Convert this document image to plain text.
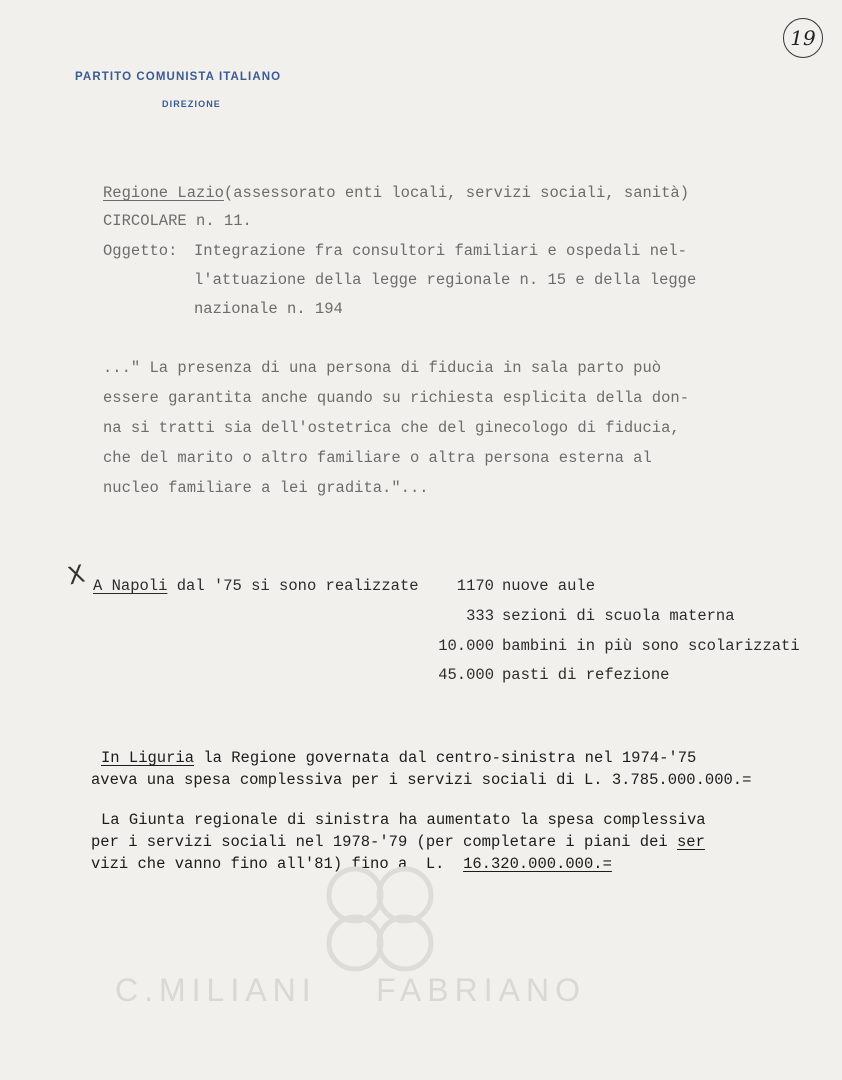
19
PARTITO COMUNISTA ITALIANO
DIREZIONE
Regione Lazio(assessorato enti locali, servizi sociali, sanità)
CIRCOLARE n. 11.
Oggetto: Integrazione fra consultori familiari e ospedali nel-
l'attuazione della legge regionale n. 15 e della legge
nazionale n. 194
..." La presenza di una persona di fiducia in sala parto può
essere garantita anche quando su richiesta esplicita della don-
na si tratti sia dell'ostetrica che del ginecologo di fiducia,
che del marito o altro familiare o altra persona esterna al
nucleo familiare a lei gradita."...
X A Napoli dal '75 si sono realizzate	1170 nuove aule
333 sezioni di scuola materna
10.000 bambini in più sono scolarizzati
45.000 pasti di refezione
In Liguria la Regione governata dal centro-sinistra nel 1974-'75
aveva una spesa complessiva per i servizi sociali di L. 3.785.000.000.=
La Giunta regionale di sinistra ha aumentato la spesa complessiva
per i servizi sociali nel 1978-'79 (per completare i piani dei ser
vizi che vanno fino all'81) fino a  L.  16.320.000.000.=
C.MILIANI    FABRIANO
